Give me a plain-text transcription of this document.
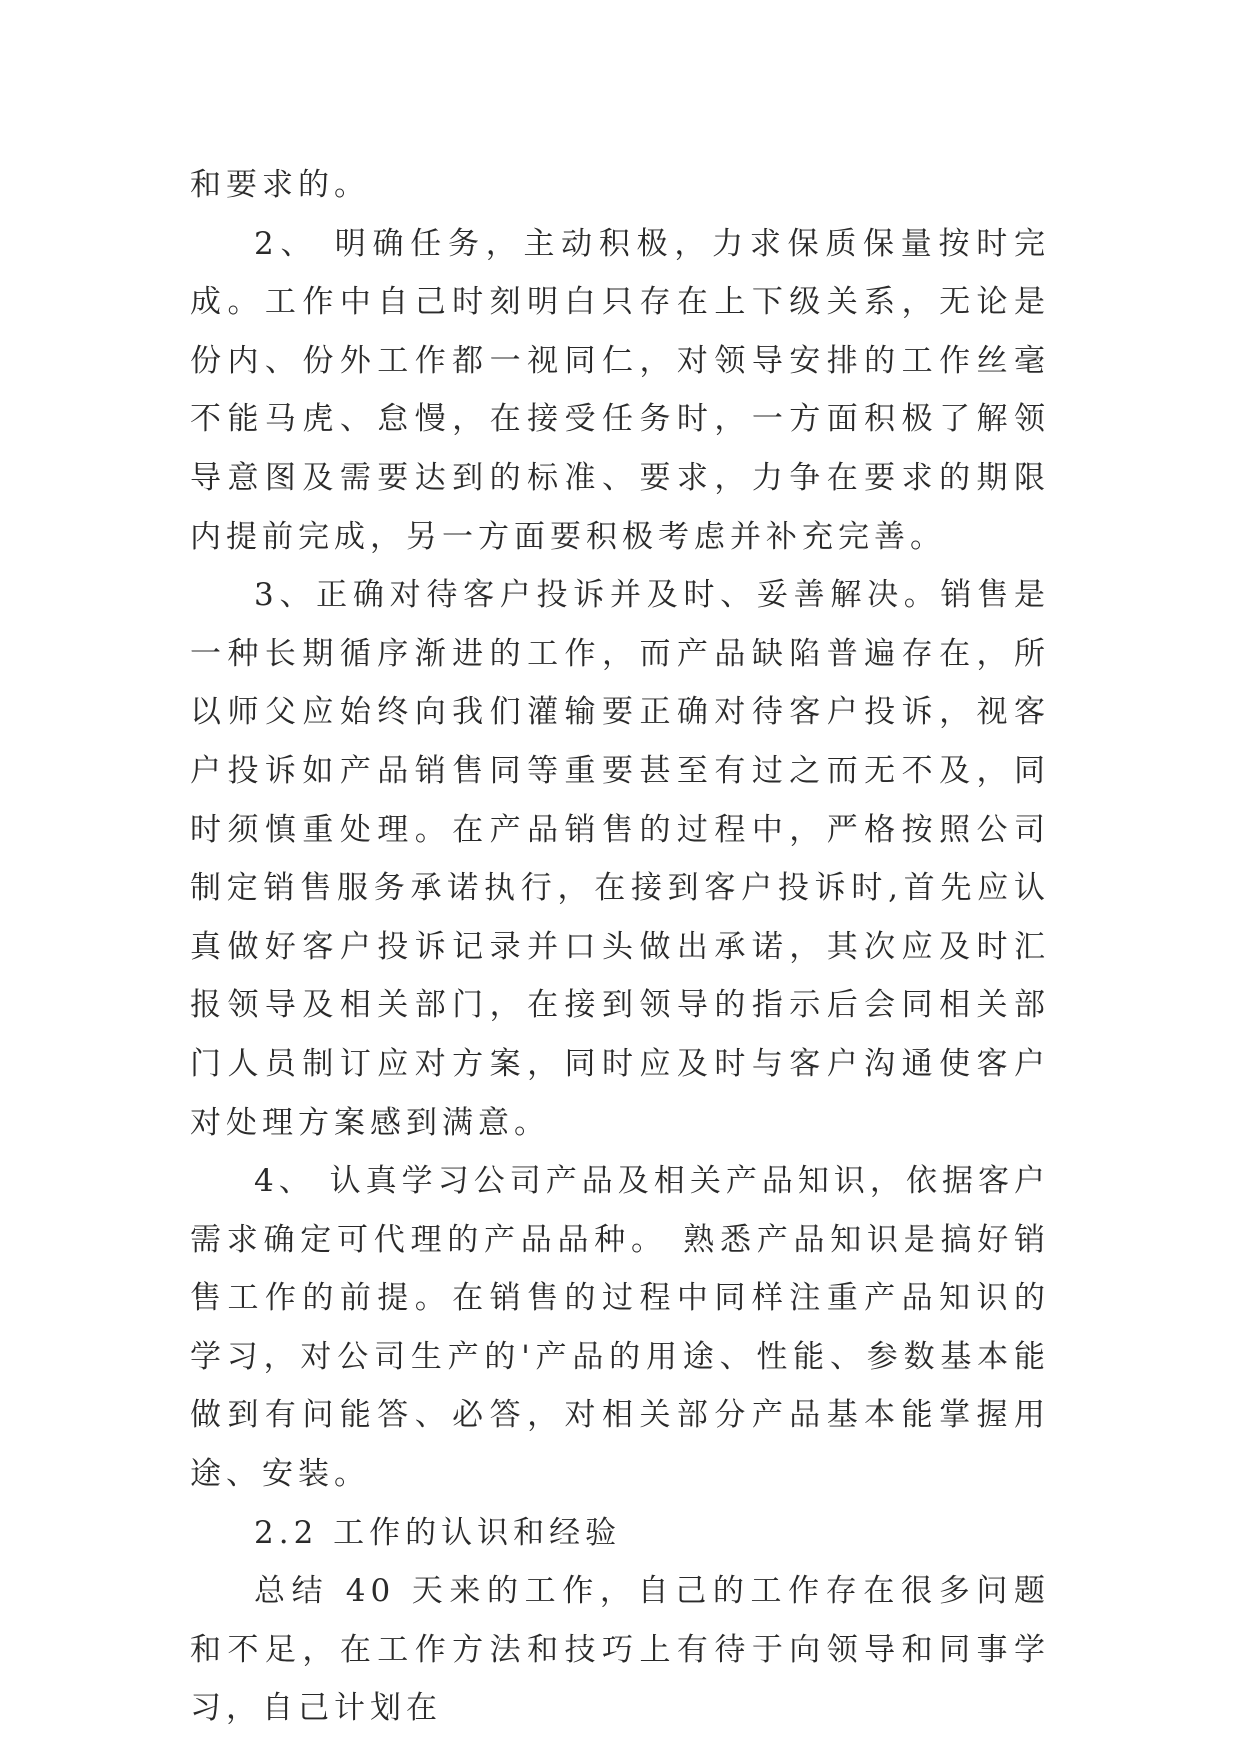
和要求的。

2、 明确任务，主动积极，力求保质保量按时完成。工作中自己时刻明白只存在上下级关系，无论是份内、份外工作都一视同仁，对领导安排的工作丝毫不能马虎、怠慢，在接受任务时，一方面积极了解领导意图及需要达到的标准、要求，力争在要求的期限内提前完成，另一方面要积极考虑并补充完善。

3、正确对待客户投诉并及时、妥善解决。销售是一种长期循序渐进的工作，而产品缺陷普遍存在，所以师父应始终向我们灌输要正确对待客户投诉，视客户投诉如产品销售同等重要甚至有过之而无不及，同时须慎重处理。在产品销售的过程中，严格按照公司制定销售服务承诺执行，在接到客户投诉时,首先应认真做好客户投诉记录并口头做出承诺，其次应及时汇报领导及相关部门，在接到领导的指示后会同相关部门人员制订应对方案，同时应及时与客户沟通使客户对处理方案感到满意。

4、 认真学习公司产品及相关产品知识，依据客户需求确定可代理的产品品种。 熟悉产品知识是搞好销售工作的前提。在销售的过程中同样注重产品知识的学习，对公司生产的'产品的用途、性能、参数基本能做到有问能答、必答，对相关部分产品基本能掌握用途、安装。

2.2 工作的认识和经验

总结 40 天来的工作，自己的工作存在很多问题和不足，在工作方法和技巧上有待于向领导和同事学习，自己计划在
